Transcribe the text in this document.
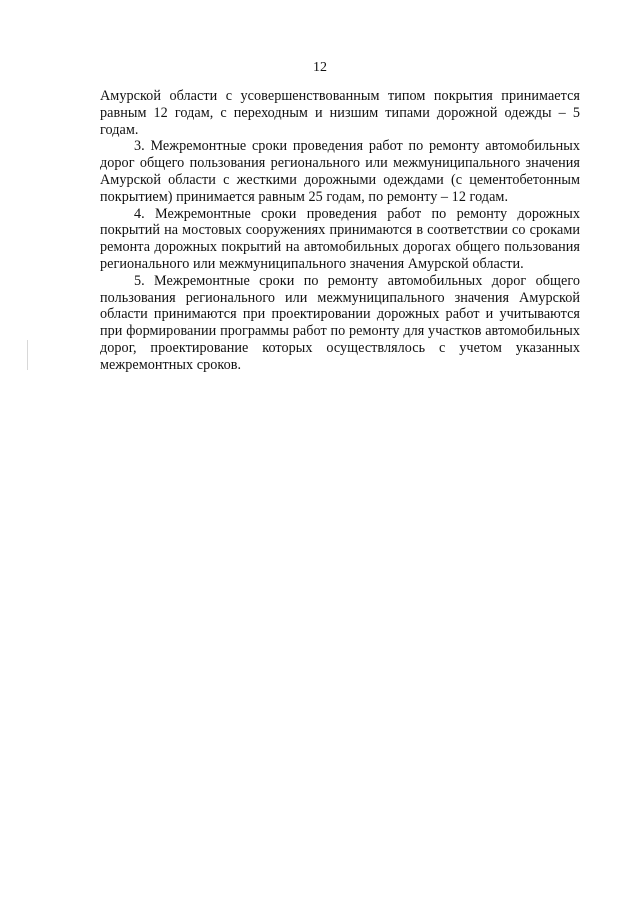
12

Амурской области с усовершенствованным типом покрытия принимается равным 12 годам, с переходным и низшим типами дорожной одежды – 5 годам.

3. Межремонтные сроки проведения работ по ремонту автомобильных дорог общего пользования регионального или межмуниципального значения Амурской области с жесткими дорожными одеждами (с цементобетонным покрытием) принимается равным 25 годам, по ремонту – 12 годам.

4. Межремонтные сроки проведения работ по ремонту дорожных покрытий на мостовых сооружениях принимаются в соответствии со сроками ремонта дорожных покрытий на автомобильных дорогах общего пользования регионального или межмуниципального значения Амурской области.

5. Межремонтные сроки по ремонту автомобильных дорог общего пользования регионального или межмуниципального значения Амурской области принимаются при проектировании дорожных работ и учитываются при формировании программы работ по ремонту для участков автомобильных дорог, проектирование которых осуществлялось с учетом указанных межремонтных сроков.
